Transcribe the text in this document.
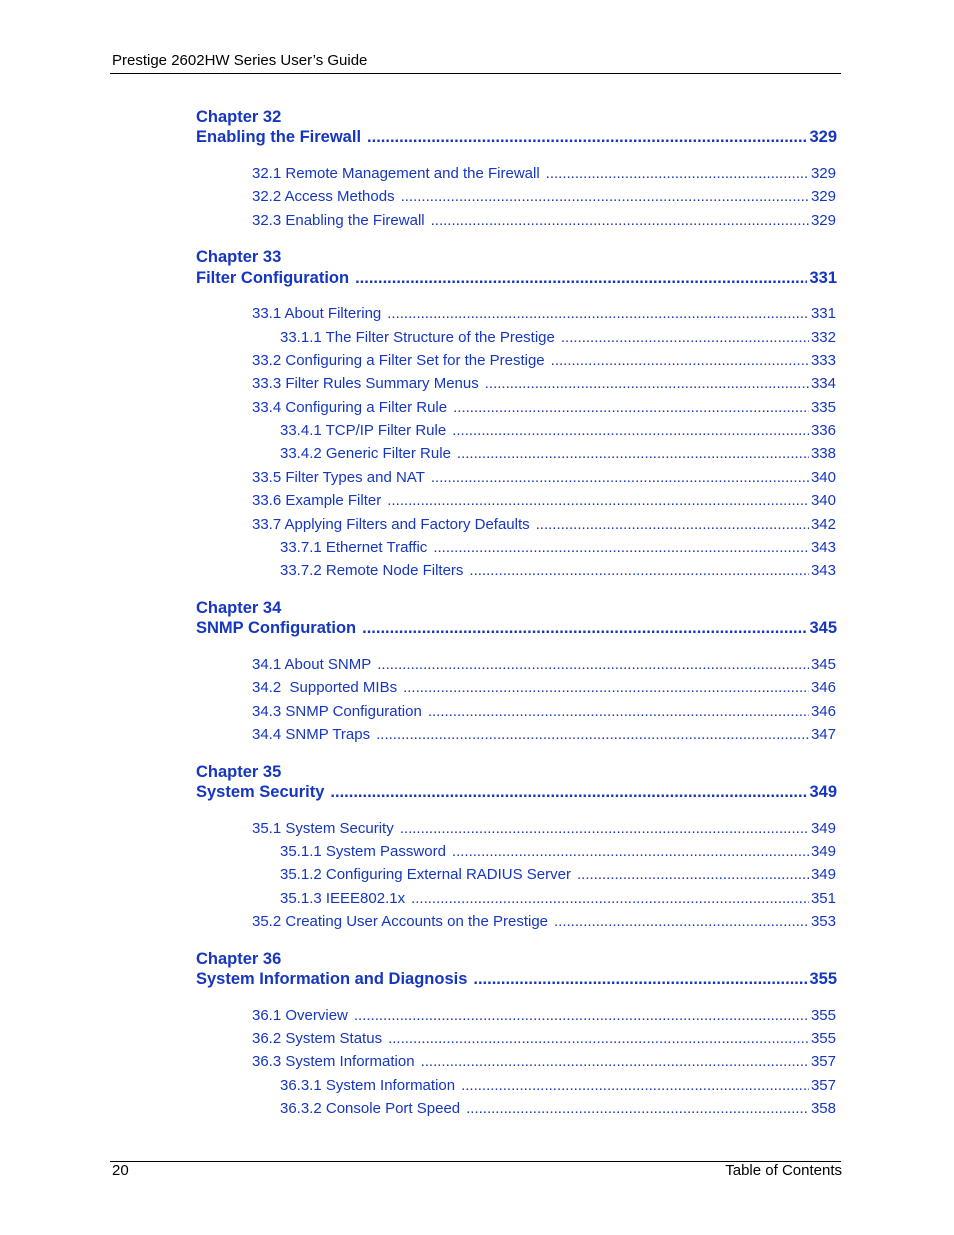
Prestige 2602HW Series User’s Guide
Chapter 32
Enabling the Firewall .....	329
32.1 Remote Management and the Firewall .....	329
32.2 Access Methods .....	329
32.3 Enabling the Firewall .....	329
Chapter 33
Filter Configuration .....	331
33.1 About Filtering .....	331
33.1.1 The Filter Structure of the Prestige .....	332
33.2 Configuring a Filter Set for the Prestige .....	333
33.3 Filter Rules Summary Menus .....	334
33.4 Configuring a Filter Rule .....	335
33.4.1 TCP/IP Filter Rule .....	336
33.4.2 Generic Filter Rule .....	338
33.5 Filter Types and NAT .....	340
33.6 Example Filter .....	340
33.7 Applying Filters and Factory Defaults .....	342
33.7.1 Ethernet Traffic .....	343
33.7.2 Remote Node Filters .....	343
Chapter 34
SNMP Configuration .....	345
34.1 About SNMP .....	345
34.2  Supported MIBs .....	346
34.3 SNMP Configuration .....	346
34.4 SNMP Traps .....	347
Chapter 35
System Security .....	349
35.1 System Security .....	349
35.1.1 System Password .....	349
35.1.2 Configuring External RADIUS Server .....	349
35.1.3 IEEE802.1x .....	351
35.2 Creating User Accounts on the Prestige .....	353
Chapter 36
System Information and Diagnosis .....	355
36.1 Overview .....	355
36.2 System Status .....	355
36.3 System Information .....	357
36.3.1 System Information .....	357
36.3.2 Console Port Speed .....	358
20	Table of Contents
